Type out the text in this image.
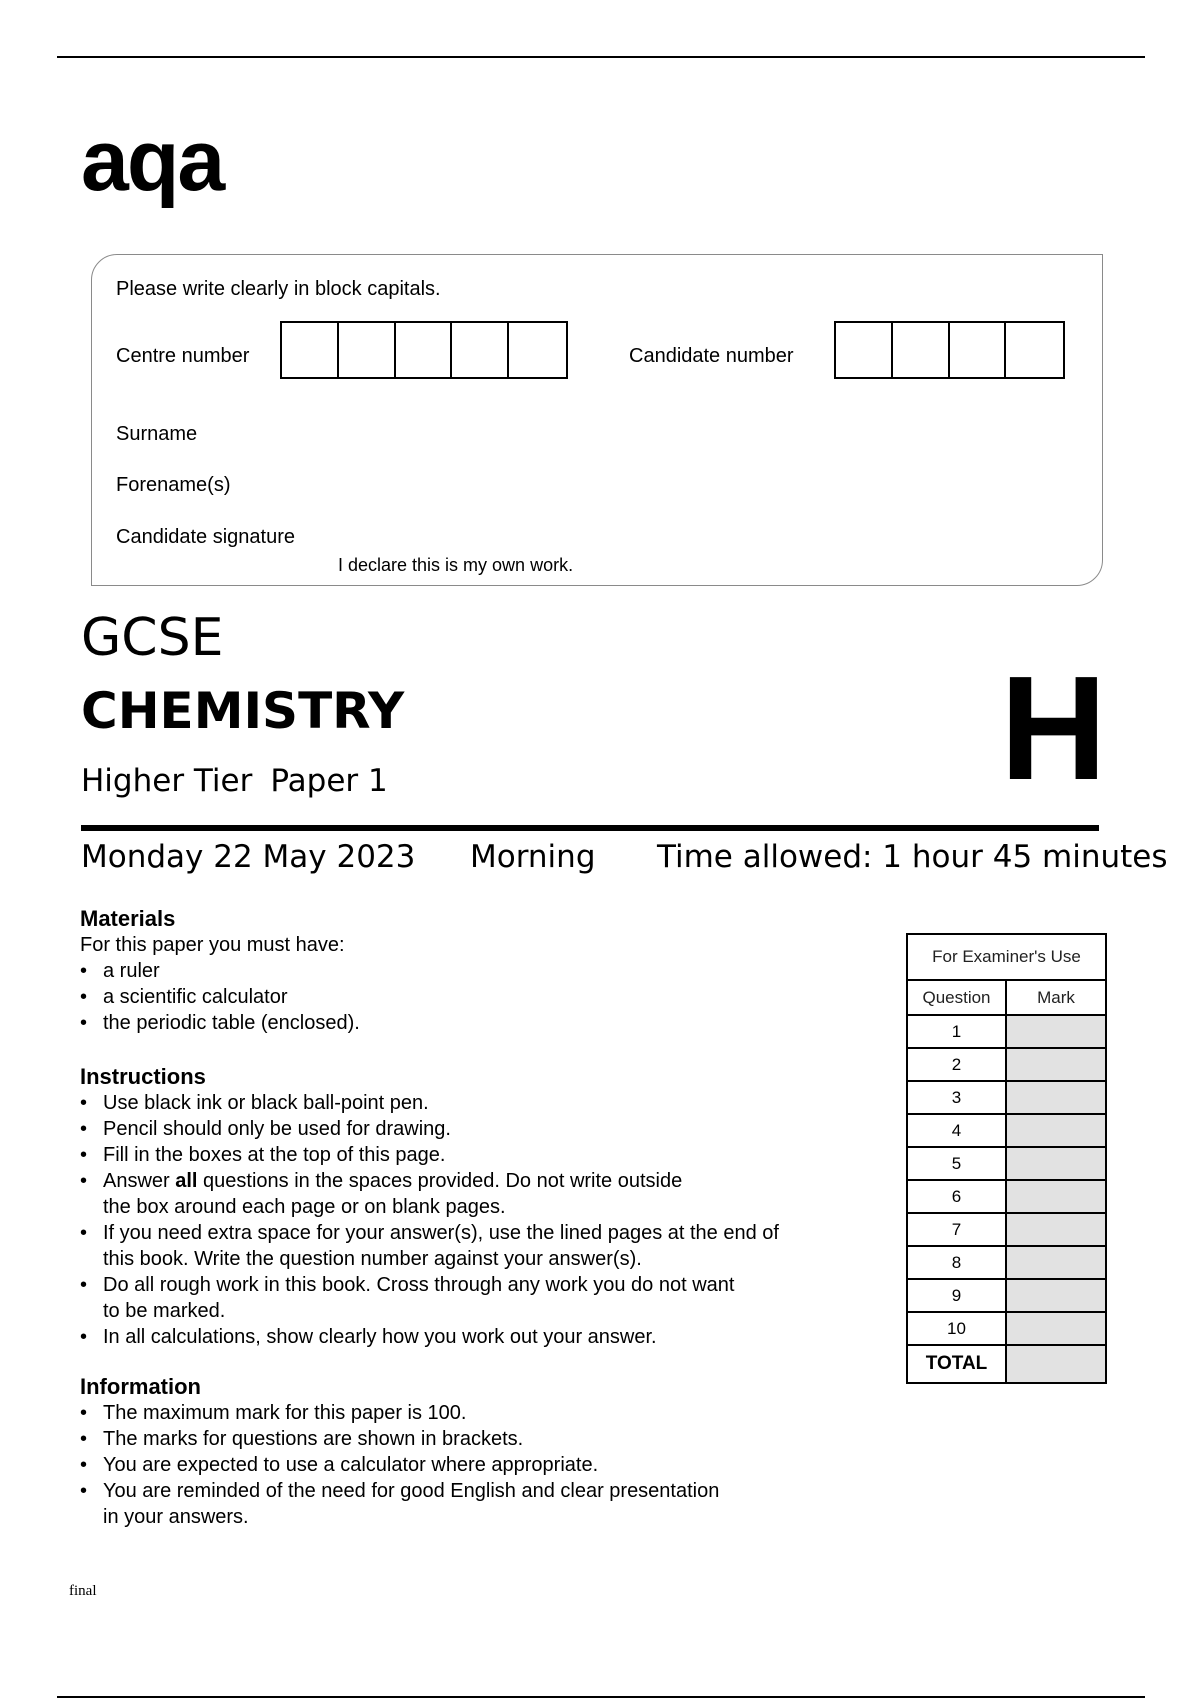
aqa
Please write clearly in block capitals.
Centre number	Candidate number
Surname
Forename(s)
Candidate signature
I declare this is my own work.
GCSE
CHEMISTRY
Higher Tier Paper 1	H
Monday 22 May 2023 Morning Time allowed: 1 hour 45 minutes
Materials

For this paper you must have:

• a ruler
• a scientific calculator
• the periodic table (enclosed).
Instructions
• Use black ink or black ball-point pen.
• Pencil should only be used for drawing.
• Fill in the boxes at the top of this page.
• Answer all questions in the spaces provided. Do not write outside
the box around each page or on blank pages.
• If you need extra space for your answer(s), use the lined pages at the end of
this book. Write the question number against your answer(s).
• Do all rough work in this book. Cross through any work you do not want
to be marked.
• In all calculations, show clearly how you work out your answer.
Information
• The maximum mark for this paper is 100.
• The marks for questions are shown in brackets.
• You are expected to use a calculator where appropriate.
• You are reminded of the need for good English and clear presentation
in your answers.
For Examiner's Use	
Question	Mark
1	
2	
3	
4	
5	
6	
7	
8	
9	
10	
TOTAL	
final
